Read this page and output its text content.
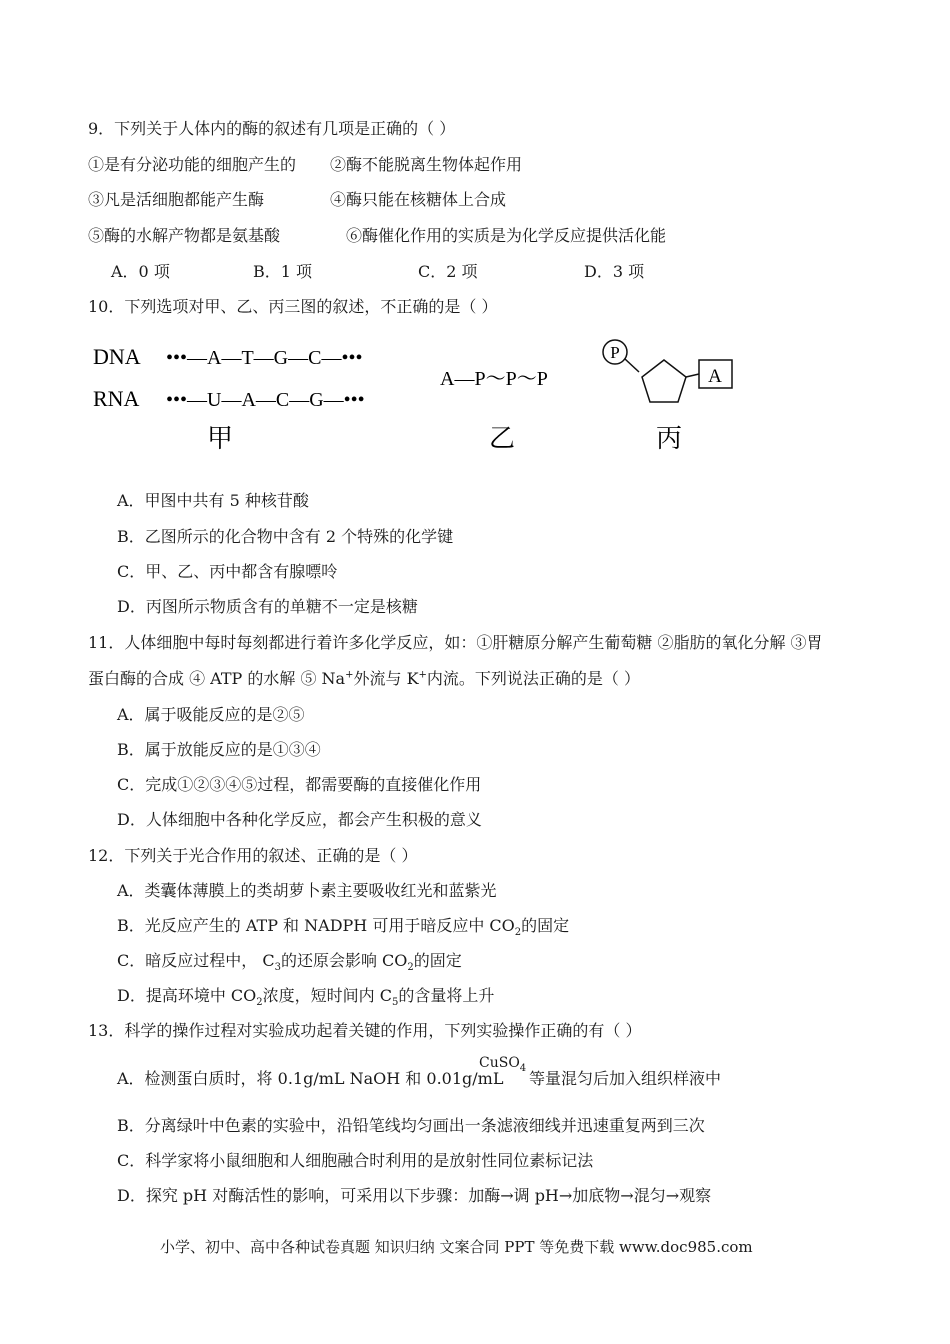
9．下列关于人体内的酶的叙述有几项是正确的（ ）
①是有分泌功能的细胞产生的 ②酶不能脱离生物体起作用
③凡是活细胞都能产生酶	④酶只能在核糖体上合成
⑤酶的水解产物都是氨基酸	⑥酶催化作用的实质是为化学反应提供活化能
A．0 项	B．1 项	C．2 项	D．3 项
10．下列选项对甲、乙、丙三图的叙述，不正确的是（ ）
DNA •••—A—T—G—C—•••
RNA •••—U—A—C—G—•••
甲
A—P～P～P
乙
P
A
丙
A．甲图中共有 5 种核苷酸
B．乙图所示的化合物中含有 2 个特殊的化学键
C．甲、乙、丙中都含有腺嘌呤
D．丙图所示物质含有的单糖不一定是核糖
11．人体细胞中每时每刻都进行着许多化学反应，如：①肝糖原分解产生葡萄糖 ②脂肪的氧化分解 ③胃
蛋白酶的合成 ④ ATP 的水解 ⑤ Na+外流与 K+内流。下列说法正确的是（ ）
A．属于吸能反应的是②⑤
B．属于放能反应的是①③④
C．完成①②③④⑤过程，都需要酶的直接催化作用
D．人体细胞中各种化学反应，都会产生积极的意义
12．下列关于光合作用的叙述、正确的是（ ）
A．类囊体薄膜上的类胡萝卜素主要吸收红光和蓝紫光
B．光反应产生的 ATP 和 NADPH 可用于暗反应中 $CO_2$的固定
C．暗反应过程中， $C_3$的还原会影响 $CO_2$的固定
D．提高环境中 $CO_2$浓度，短时间内 $C_5$的含量将上升
13．科学的操作过程对实验成功起着关键的作用，下列实验操作正确的有（ ）
A．检测蛋白质时，将 0.1g/mL NaOH 和 0.01g/mL
CuSO$_4$
等量混匀后加入组织样液中
B．分离绿叶中色素的实验中，沿铅笔线均匀画出一条滤液细线并迅速重复两到三次
C．科学家将小鼠细胞和人细胞融合时利用的是放射性同位素标记法
D．探究 pH 对酶活性的影响，可采用以下步骤：加酶→调 pH→加底物→混匀→观察
小学、初中、高中各种试卷真题 知识归纳 文案合同 PPT 等免费下载 www.doc985.com
